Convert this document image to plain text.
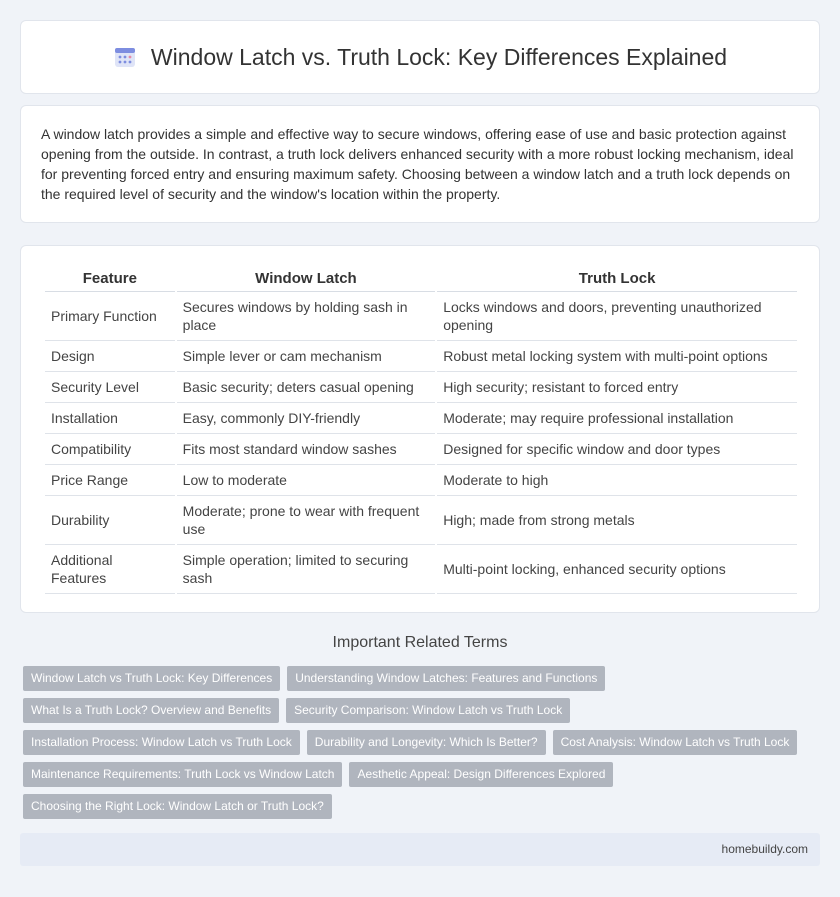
Window Latch vs. Truth Lock: Key Differences Explained

A window latch provides a simple and effective way to secure windows, offering ease of use and basic protection against opening from the outside. In contrast, a truth lock delivers enhanced security with a more robust locking mechanism, ideal for preventing forced entry and ensuring maximum safety. Choosing between a window latch and a truth lock depends on the required level of security and the window's location within the property.

Feature	Window Latch	Truth Lock
Primary Function	Secures windows by holding sash in place	Locks windows and doors, preventing unauthorized opening
Design	Simple lever or cam mechanism	Robust metal locking system with multi-point options
Security Level	Basic security; deters casual opening	High security; resistant to forced entry
Installation	Easy, commonly DIY-friendly	Moderate; may require professional installation
Compatibility	Fits most standard window sashes	Designed for specific window and door types
Price Range	Low to moderate	Moderate to high
Durability	Moderate; prone to wear with frequent use	High; made from strong metals
Additional Features	Simple operation; limited to securing sash	Multi-point locking, enhanced security options
Important Related Terms
Window Latch vs Truth Lock: Key Differences	Understanding Window Latches: Features and Functions
What Is a Truth Lock? Overview and Benefits	Security Comparison: Window Latch vs Truth Lock
Installation Process: Window Latch vs Truth Lock	Durability and Longevity: Which Is Better?	Cost Analysis: Window Latch vs Truth Lock
Maintenance Requirements: Truth Lock vs Window Latch	Aesthetic Appeal: Design Differences Explored
Choosing the Right Lock: Window Latch or Truth Lock?
homebuildy.com
